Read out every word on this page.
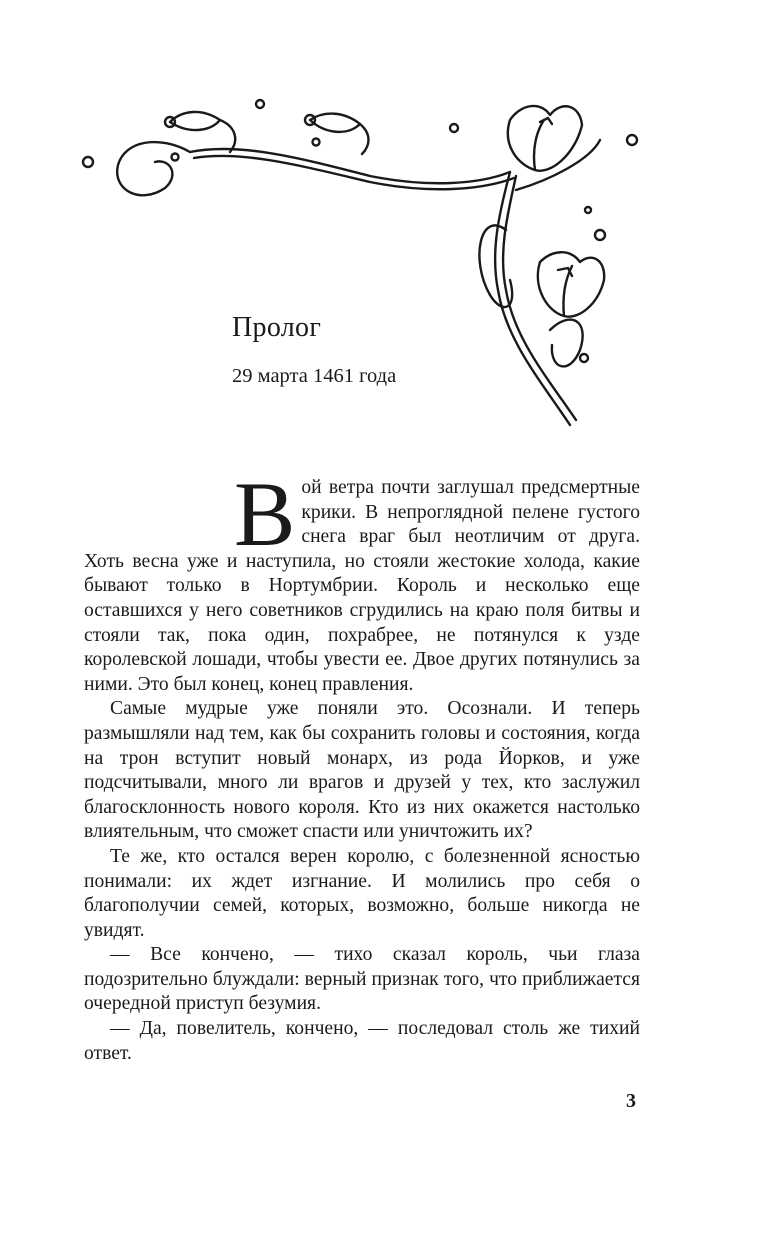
Пролог

29 марта 1461 года

Вой ветра почти заглушал предсмертные крики. В непроглядной пелене густого снега враг был неотличим от друга. Хоть весна уже и наступила, но стояли жестокие холода, какие бывают только в Нортумбрии. Король и несколько еще оставшихся у него советников сгрудились на краю поля битвы и стояли так, пока один, похрабрее, не потянулся к узде королевской лошади, чтобы увести ее. Двое других потянулись за ними. Это был конец, конец правления.

Самые мудрые уже поняли это. Осознали. И теперь размышляли над тем, как бы сохранить головы и состояния, когда на трон вступит новый монарх, из рода Йорков, и уже подсчитывали, много ли врагов и друзей у тех, кто заслужил благосклонность нового короля. Кто из них окажется настолько влиятельным, что сможет спасти или уничтожить их?

Те же, кто остался верен королю, с болезненной ясностью понимали: их ждет изгнание. И молились про себя о благополучии семей, которых, возможно, больше никогда не увидят.

— Все кончено, — тихо сказал король, чьи глаза подозрительно блуждали: верный признак того, что приближается очередной приступ безумия.

— Да, повелитель, кончено, — последовал столь же тихий ответ.

3
